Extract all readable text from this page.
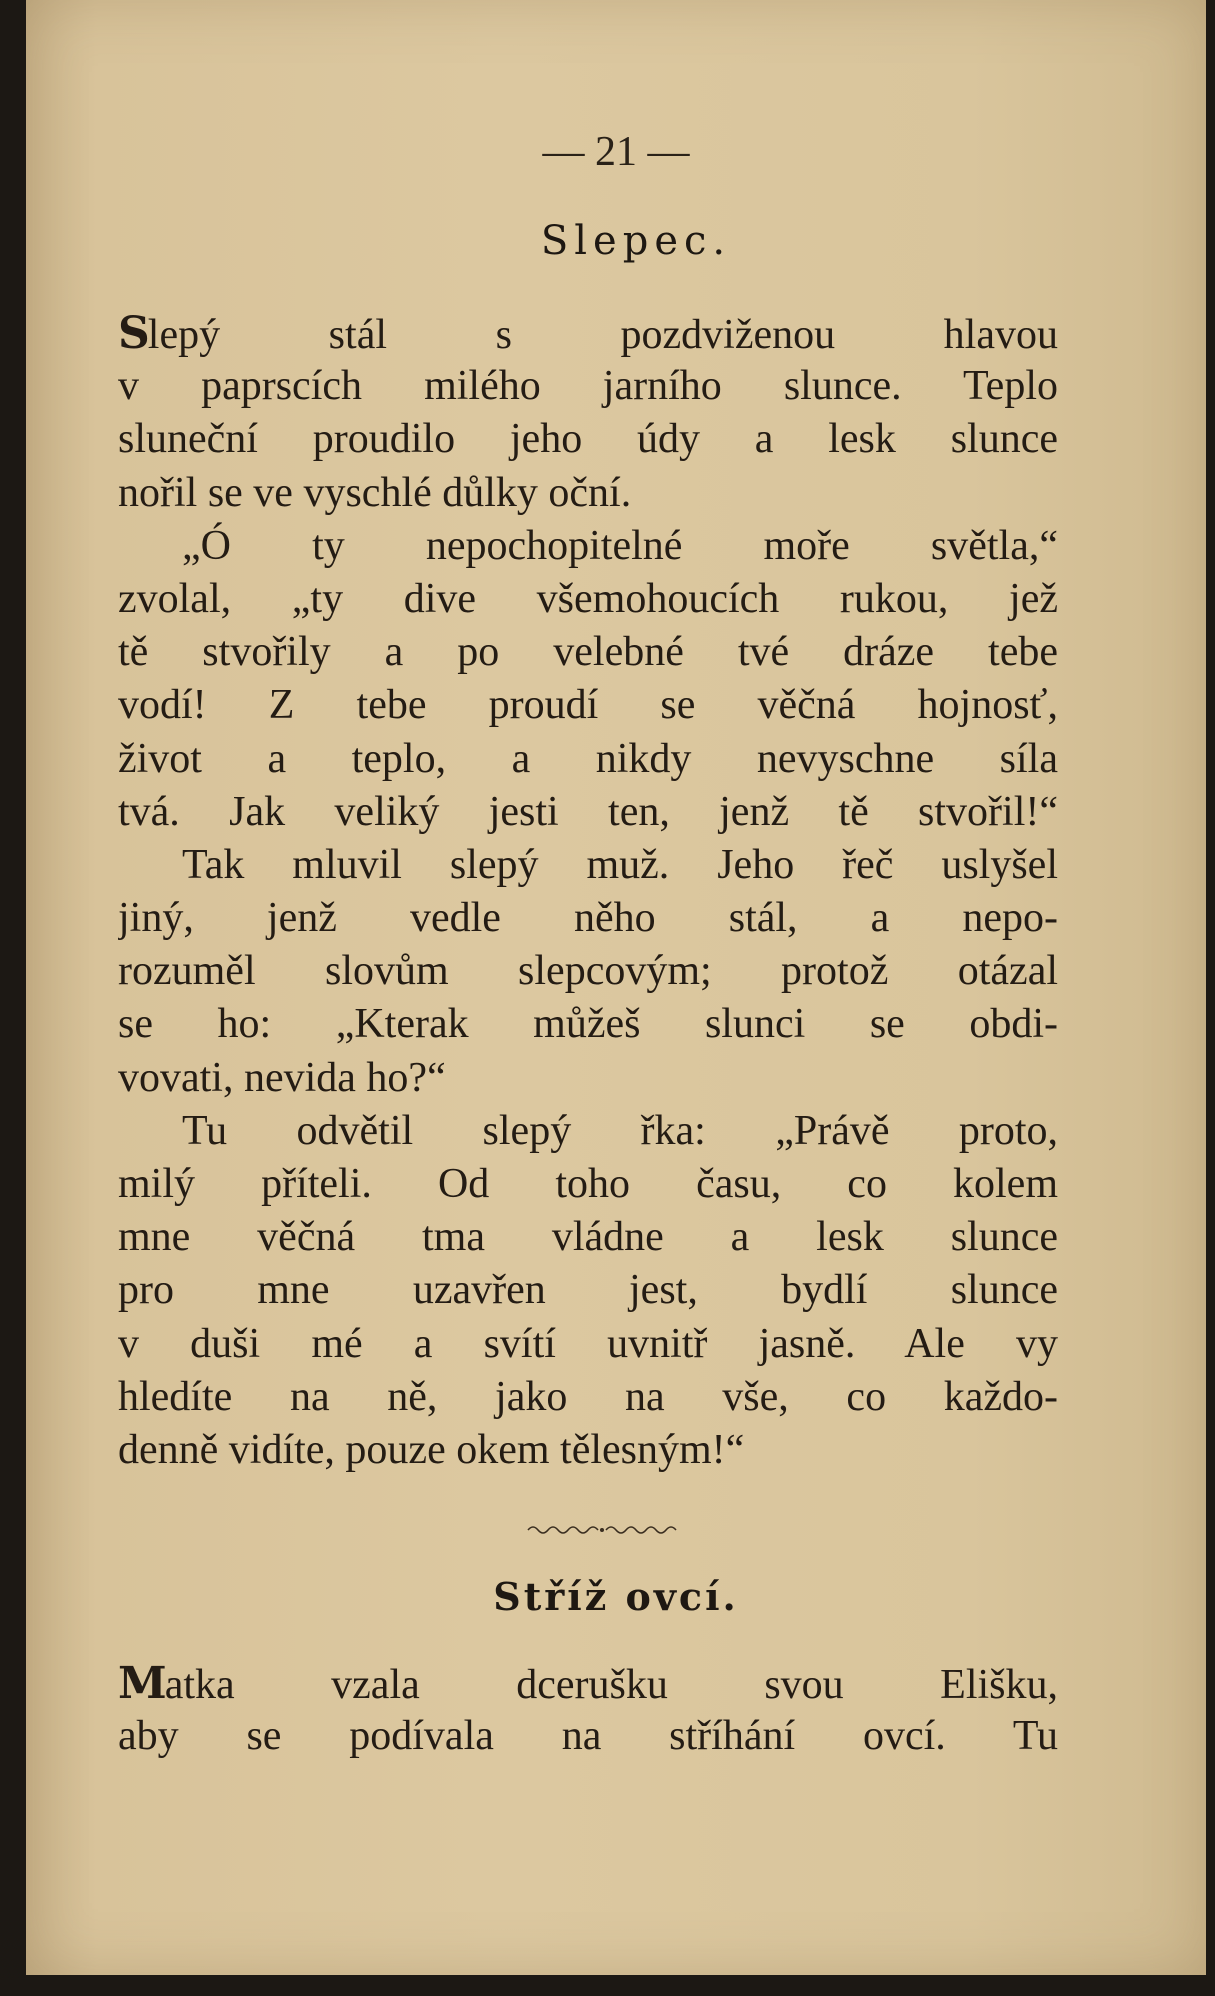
— 21 —
Slepec.
Slepý stál s pozdviženou hlavou
v paprscích milého jarního slunce. Teplo
sluneční proudilo jeho údy a lesk slunce
nořil se ve vyschlé důlky oční.
„Ó ty nepochopitelné moře světla,“
zvolal, „ty dive všemohoucích rukou, jež
tě stvořily a po velebné tvé dráze tebe
vodí! Z tebe proudí se věčná hojnosť,
život a teplo, a nikdy nevyschne síla
tvá. Jak veliký jesti ten, jenž tě stvořil!“
Tak mluvil slepý muž. Jeho řeč uslyšel
jiný, jenž vedle něho stál, a nepo-
rozuměl slovům slepcovým; protož otázal
se ho: „Kterak můžeš slunci se obdi-
vovati, nevida ho?“
Tu odvětil slepý řka: „Právě proto,
milý příteli. Od toho času, co kolem
mne věčná tma vládne a lesk slunce
pro mne uzavřen jest, bydlí slunce
v duši mé a svítí uvnitř jasně. Ale vy
hledíte na ně, jako na vše, co každo-
denně vidíte, pouze okem tělesným!“
Stříž ovcí.
Matka vzala dcerušku svou Elišku,
aby se podívala na stříhání ovcí. Tu
